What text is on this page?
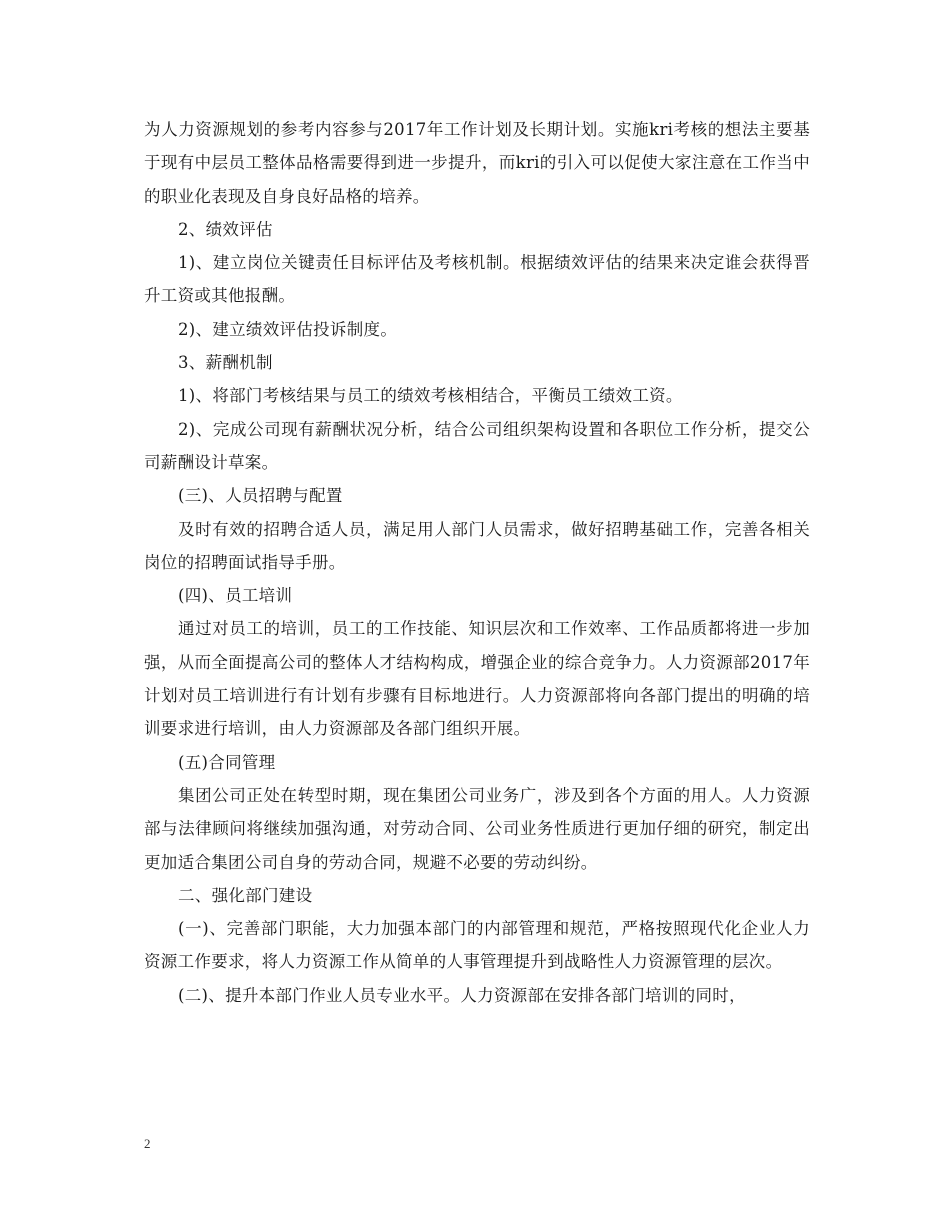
为人力资源规划的参考内容参与2017年工作计划及长期计划。实施kri考核的想法主要基于现有中层员工整体品格需要得到进一步提升，而kri的引入可以促使大家注意在工作当中的职业化表现及自身良好品格的培养。

2、绩效评估

1)、建立岗位关键责任目标评估及考核机制。根据绩效评估的结果来决定谁会获得晋升工资或其他报酬。

2)、建立绩效评估投诉制度。

3、薪酬机制

1)、将部门考核结果与员工的绩效考核相结合，平衡员工绩效工资。

2)、完成公司现有薪酬状况分析，结合公司组织架构设置和各职位工作分析，提交公司薪酬设计草案。

(三)、人员招聘与配置

及时有效的招聘合适人员，满足用人部门人员需求，做好招聘基础工作，完善各相关岗位的招聘面试指导手册。

(四)、员工培训

通过对员工的培训，员工的工作技能、知识层次和工作效率、工作品质都将进一步加强，从而全面提高公司的整体人才结构构成，增强企业的综合竞争力。人力资源部2017年计划对员工培训进行有计划有步骤有目标地进行。人力资源部将向各部门提出的明确的培训要求进行培训，由人力资源部及各部门组织开展。

(五)合同管理

集团公司正处在转型时期，现在集团公司业务广，涉及到各个方面的用人。人力资源部与法律顾问将继续加强沟通，对劳动合同、公司业务性质进行更加仔细的研究，制定出更加适合集团公司自身的劳动合同，规避不必要的劳动纠纷。

二、强化部门建设

(一)、完善部门职能，大力加强本部门的内部管理和规范，严格按照现代化企业人力资源工作要求，将人力资源工作从简单的人事管理提升到战略性人力资源管理的层次。

(二)、提升本部门作业人员专业水平。人力资源部在安排各部门培训的同时，

2
